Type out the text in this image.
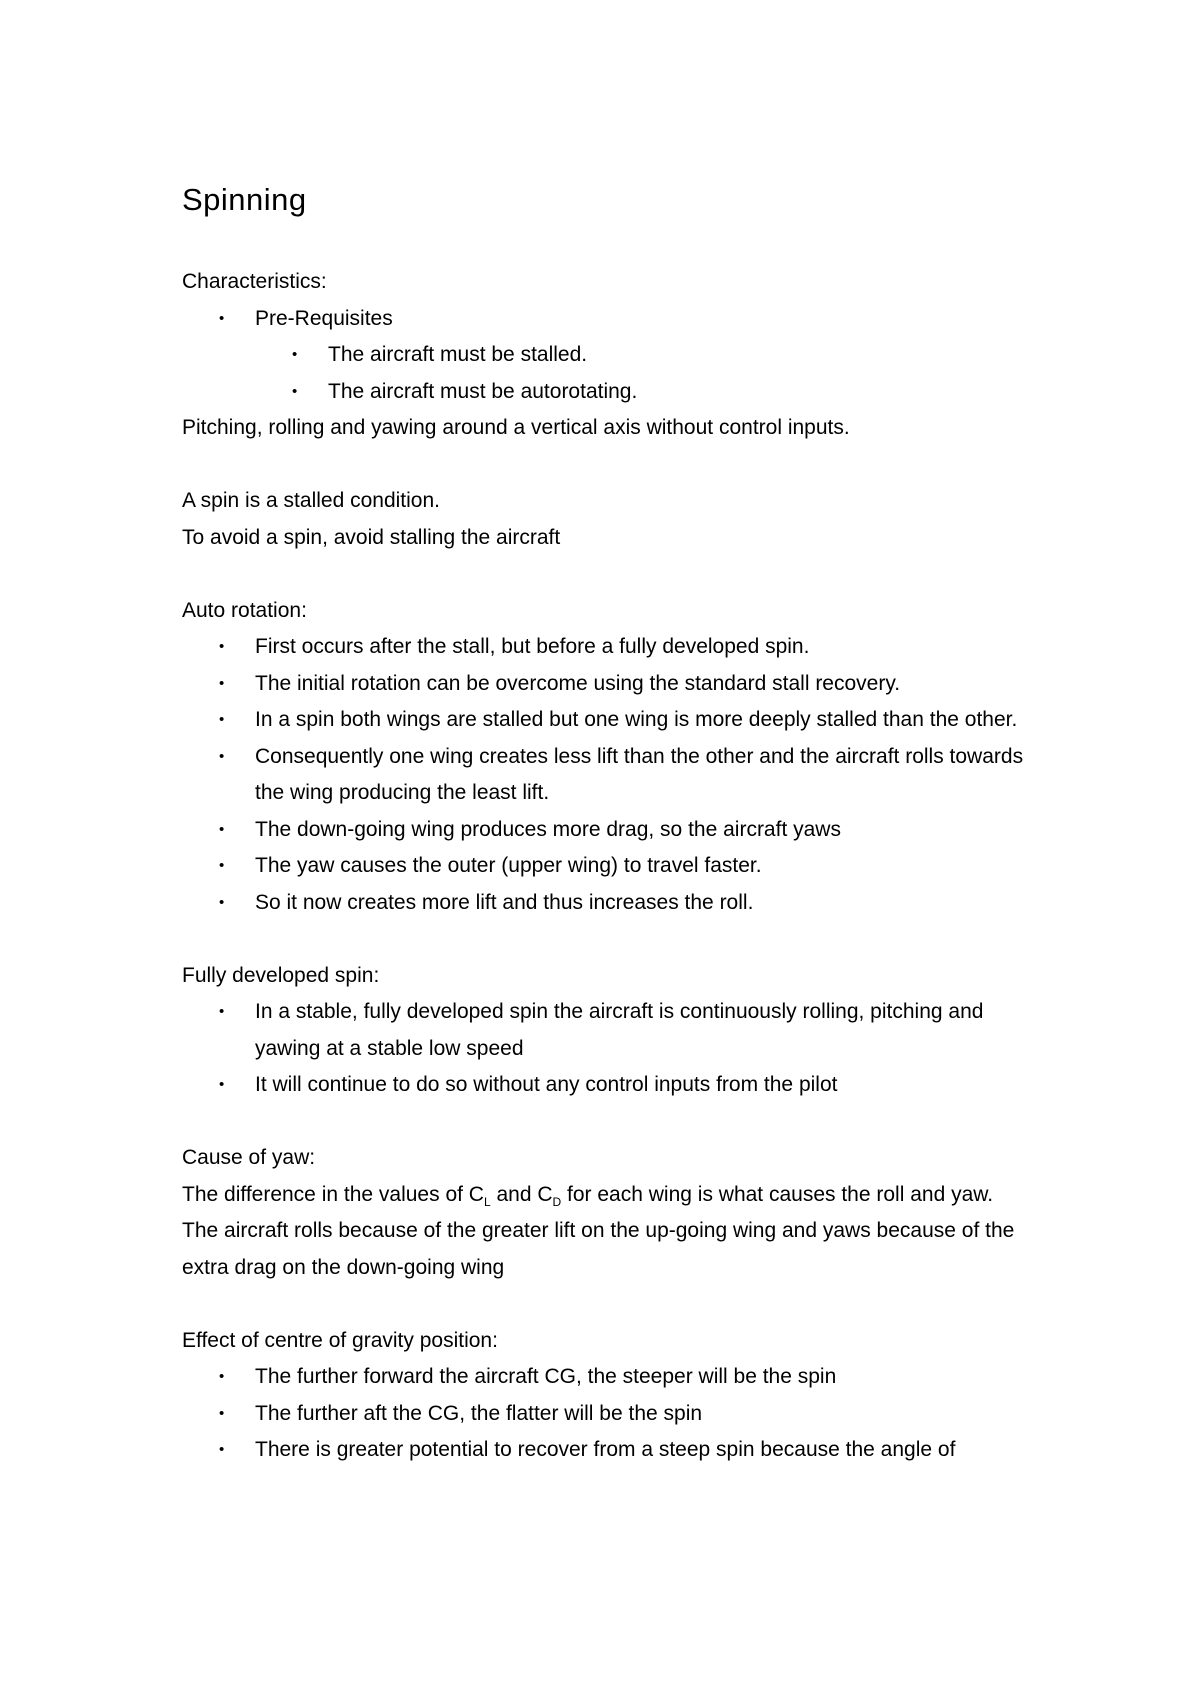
Spinning

Characteristics:

• Pre-Requisites
• The aircraft must be stalled.
• The aircraft must be autorotating.

Pitching, rolling and yawing around a vertical axis without control inputs.

A spin is a stalled condition.

To avoid a spin, avoid stalling the aircraft

Auto rotation:

• First occurs after the stall, but before a fully developed spin.
• The initial rotation can be overcome using the standard stall recovery.
• In a spin both wings are stalled but one wing is more deeply stalled than the other.
• Consequently one wing creates less lift than the other and the aircraft rolls towards the wing producing the least lift.
• The down-going wing produces more drag, so the aircraft yaws
• The yaw causes the outer (upper wing) to travel faster.
• So it now creates more lift and thus increases the roll.

Fully developed spin:

• In a stable, fully developed spin the aircraft is continuously rolling, pitching and yawing at a stable low speed
• It will continue to do so without any control inputs from the pilot

Cause of yaw:

The difference in the values of $C_L$ and $C_D$ for each wing is what causes the roll and yaw.

The aircraft rolls because of the greater lift on the up-going wing and yaws because of the extra drag on the down-going wing

Effect of centre of gravity position:

• The further forward the aircraft CG, the steeper will be the spin
• The further aft the CG, the flatter will be the spin
• There is greater potential to recover from a steep spin because the angle of
